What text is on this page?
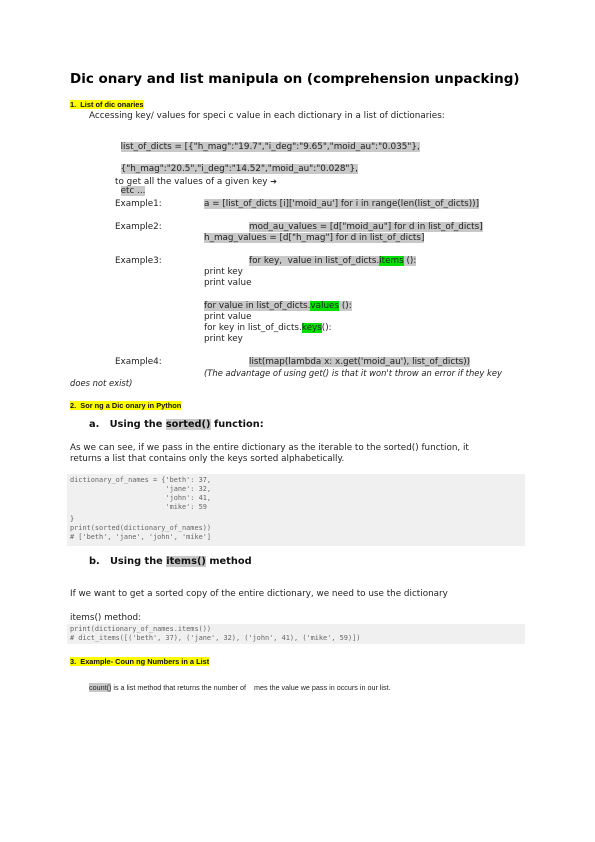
Dic onary and list manipula on (comprehension unpacking)
1.  List of dic onaries
Accessing key/ values for speci c value in each dictionary in a list of dictionaries:

list_of_dicts = [{"h_mag":"19.7","i_deg":"9.65","moid_au":"0.035"},

{"h_mag":"20.5","i_deg":"14.52","moid_au":"0.028"},

etc ...

to get all the values of a given key ➔
Example1:	a = [list_of_dicts [i]['moid_au'] for i in range(len(list_of_dicts))]
Example2:	mod_au_values = [d["moid_au"] for d in list_of_dicts]
h_mag_values = [d["h_mag"] for d in list_of_dicts]
Example3:	for key,  value in list_of_dicts.items ():
print key
print value
for value in list_of_dicts.values ():
print value
for key in list_of_dicts.keys():
print key
Example4:	list(map(lambda x: x.get('moid_au'), list_of_dicts))
(The advantage of using get() is that it won't throw an error if they key
does not exist)
2.  Sor ng a Dic onary in Python
a.   Using the sorted() function:
As we can see, if we pass in the entire dictionary as the iterable to the sorted() function, it
returns a list that contains only the keys sorted alphabetically.
dictionary_of_names = {'beth': 37,
'jane': 32,
'john': 41,
'mike': 59
}
print(sorted(dictionary_of_names))
# ['beth', 'jane', 'john', 'mike']
b.   Using the items() method
If we want to get a sorted copy of the entire dictionary, we need to use the dictionary
items() method:
print(dictionary_of_names.items())
# dict_items([('beth', 37), ('jane', 32), ('john', 41), ('mike', 59)])
3.  Example- Coun ng Numbers in a List
count() is a list method that returns the number of    mes the value we pass in occurs in our list.
